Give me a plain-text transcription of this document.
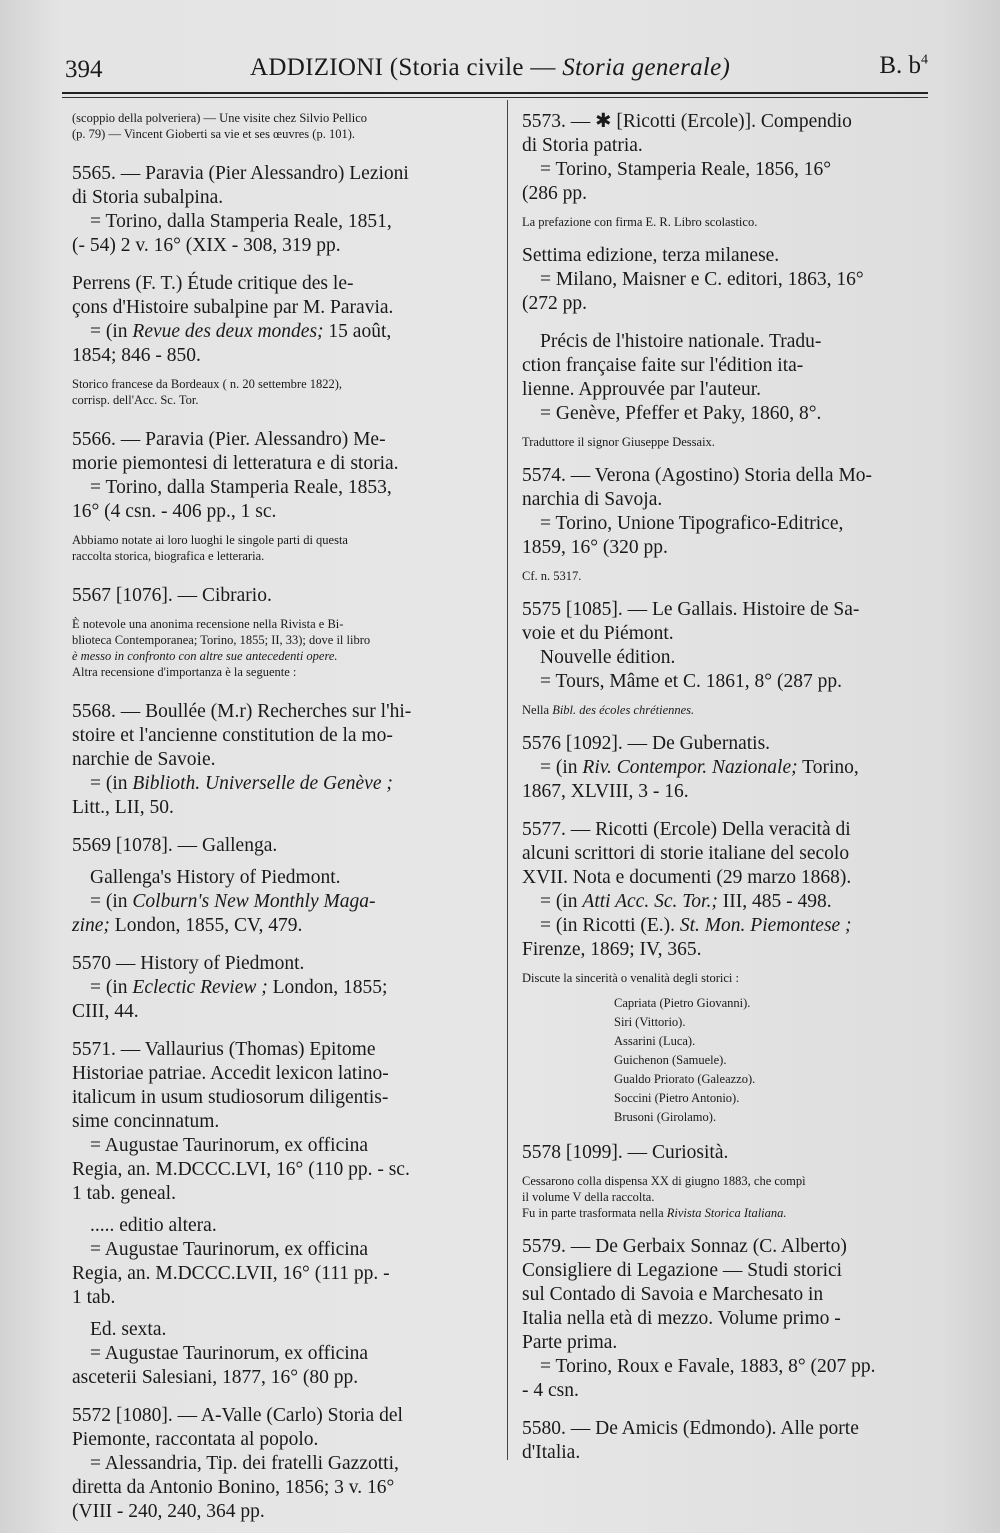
394	ADDIZIONI (Storia civile — Storia generale)	B. $b^4$

(scoppio della polveriera) — Une visite chez Silvio Pellico
(p. 79) — Vincent Gioberti sa vie et ses œuvres (p. 101).

5565. — Paravia (Pier Alessandro) Lezioni

di Storia subalpina.

= Torino, dalla Stamperia Reale, 1851,

(- 54) 2 v. 16° (XIX - 308, 319 pp.

Perrens (F. T.) Étude critique des le-

çons d'Histoire subalpine par M. Paravia.

= (in Revue des deux mondes; 15 août,

1854; 846 - 850.

Storico francese da Bordeaux ( n. 20 settembre 1822),
corrisp. dell'Acc. Sc. Tor.

5566. — Paravia (Pier. Alessandro) Me-

morie piemontesi di letteratura e di storia.

= Torino, dalla Stamperia Reale, 1853,

16° (4 csn. - 406 pp., 1 sc.

Abbiamo notate ai loro luoghi le singole parti di questa
raccolta storica, biografica e letteraria.

5567 [1076]. — Cibrario.

È notevole una anonima recensione nella Rivista e Bi-
blioteca Contemporanea; Torino, 1855; II, 33); dove il libro
è messo in confronto con altre sue antecedenti opere.
Altra recensione d'importanza è la seguente :

5568. — Boullée (M.r) Recherches sur l'hi-

stoire et l'ancienne constitution de la mo-

narchie de Savoie.

= (in Biblioth. Universelle de Genève ;

Litt., LII, 50.

5569 [1078]. — Gallenga.

Gallenga's History of Piedmont.

= (in Colburn's New Monthly Maga-

zine; London, 1855, CV, 479.

5570 — History of Piedmont.

= (in Eclectic Review ; London, 1855;

CIII, 44.

5571. — Vallaurius (Thomas) Epitome

Historiae patriae. Accedit lexicon latino-

italicum in usum studiosorum diligentis-

sime concinnatum.

= Augustae Taurinorum, ex officina

Regia, an. M.DCCC.LVI, 16° (110 pp. - sc.

1 tab. geneal.

..... editio altera.

= Augustae Taurinorum, ex officina

Regia, an. M.DCCC.LVII, 16° (111 pp. -

1 tab.

Ed. sexta.

= Augustae Taurinorum, ex officina

asceterii Salesiani, 1877, 16° (80 pp.

5572 [1080]. — A-Valle (Carlo) Storia del

Piemonte, raccontata al popolo.

= Alessandria, Tip. dei fratelli Gazzotti,

diretta da Antonio Bonino, 1856; 3 v. 16°

(VIII - 240, 240, 364 pp.

5573. — ✱ [Ricotti (Ercole)]. Compendio

di Storia patria.

= Torino, Stamperia Reale, 1856, 16°

(286 pp.

La prefazione con firma E. R. Libro scolastico.

Settima edizione, terza milanese.

= Milano, Maisner e C. editori, 1863, 16°

(272 pp.

Précis de l'histoire nationale. Tradu-

ction française faite sur l'édition ita-

lienne. Approuvée par l'auteur.

= Genève, Pfeffer et Paky, 1860, 8°.

Traduttore il signor Giuseppe Dessaix.

5574. — Verona (Agostino) Storia della Mo-

narchia di Savoja.

= Torino, Unione Tipografico-Editrice,

1859, 16° (320 pp.

Cf. n. 5317.

5575 [1085]. — Le Gallais. Histoire de Sa-

voie et du Piémont.

Nouvelle édition.

= Tours, Mâme et C. 1861, 8° (287 pp.

Nella Bibl. des écoles chrétiennes.

5576 [1092]. — De Gubernatis.

= (in Riv. Contempor. Nazionale; Torino,

1867, XLVIII, 3 - 16.

5577. — Ricotti (Ercole) Della veracità di

alcuni scrittori di storie italiane del secolo

XVII. Nota e documenti (29 marzo 1868).

= (in Atti Acc. Sc. Tor.; III, 485 - 498.

= (in Ricotti (E.). St. Mon. Piemontese ;

Firenze, 1869; IV, 365.

Discute la sincerità o venalità degli storici :

Capriata (Pietro Giovanni).
Siri (Vittorio).
Assarini (Luca).
Guichenon (Samuele).
Gualdo Priorato (Galeazzo).
Soccini (Pietro Antonio).
Brusoni (Girolamo).

5578 [1099]. — Curiosità.

Cessarono colla dispensa XX di giugno 1883, che compì
il volume V della raccolta.
Fu in parte trasformata nella Rivista Storica Italiana.

5579. — De Gerbaix Sonnaz (C. Alberto)

Consigliere di Legazione — Studi storici

sul Contado di Savoia e Marchesato in

Italia nella età di mezzo. Volume primo -

Parte prima.

= Torino, Roux e Favale, 1883, 8° (207 pp.

- 4 csn.

5580. — De Amicis (Edmondo). Alle porte

d'Italia.
